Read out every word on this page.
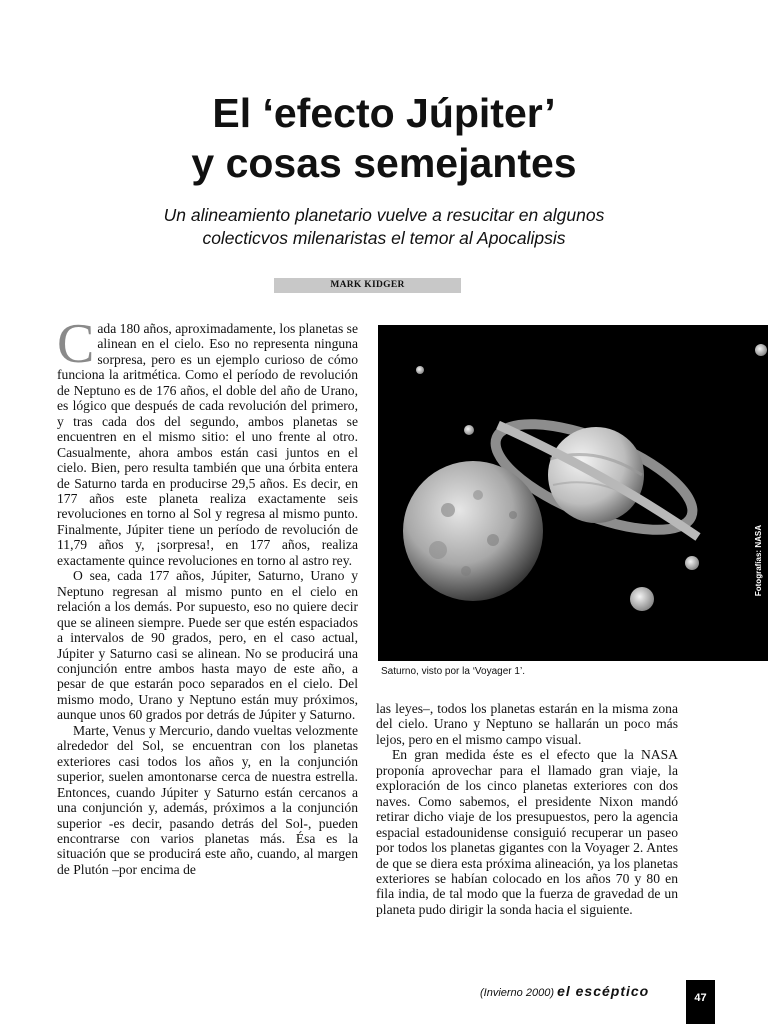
El ‘efecto Júpiter’
y cosas semejantes
Un alineamiento planetario vuelve a resucitar en algunos
colecticvos milenaristas el temor al Apocalipsis
MARK KIDGER

Cada 180 años, aproximadamente, los planetas se alinean en el cielo. Eso no representa ninguna sorpresa, pero es un ejemplo curioso de cómo funciona la aritmética. Como el período de revolución de Neptuno es de 176 años, el doble del año de Urano, es lógico que después de cada revolución del primero, y tras cada dos del segundo, ambos planetas se encuentren en el mismo sitio: el uno frente al otro. Casualmente, ahora ambos están casi juntos en el cielo. Bien, pero resulta también que una órbita entera de Saturno tarda en producirse 29,5 años. Es decir, en 177 años este planeta realiza exactamente seis revoluciones en torno al Sol y regresa al mismo punto. Finalmente, Júpiter tiene un período de revolución de 11,79 años y, ¡sorpresa!, en 177 años, realiza exactamente quince revoluciones en torno al astro rey.

O sea, cada 177 años, Júpiter, Saturno, Urano y Neptuno regresan al mismo punto en el cielo en relación a los demás. Por supuesto, eso no quiere decir que se alineen siempre. Puede ser que estén espaciados a intervalos de 90 grados, pero, en el caso actual, Júpiter y Saturno casi se alinean. No se producirá una conjunción entre ambos hasta mayo de este año, a pesar de que estarán poco separados en el cielo. Del mismo modo, Urano y Neptuno están muy próximos, aunque unos 60 grados por detrás de Júpiter y Saturno.

Marte, Venus y Mercurio, dando vueltas velozmente alrededor del Sol, se encuentran con los planetas exteriores casi todos los años y, en la conjunción superior, suelen amontonarse cerca de nuestra estrella. Entonces, cuando Júpiter y Saturno están cercanos a una conjunción y, además, próximos a la conjunción superior -es decir, pasando detrás del Sol-, pueden encontrarse con varios planetas más. Ésa es la situación que se producirá este año, cuando, al margen de Plutón –por encima de

Fotografías: NASA
Saturno, visto por la ‘Voyager 1’.

las leyes–, todos los planetas estarán en la misma zona del cielo. Urano y Neptuno se hallarán un poco más lejos, pero en el mismo campo visual.

En gran medida éste es el efecto que la NASA proponía aprovechar para el llamado gran viaje, la exploración de los cinco planetas exteriores con dos naves. Como sabemos, el presidente Nixon mandó retirar dicho viaje de los presupuestos, pero la agencia espacial estadounidense consiguió recuperar un paseo por todos los planetas gigantes con la Voyager 2. Antes de que se diera esta próxima alineación, ya los planetas exteriores se habían colocado en los años 70 y 80 en fila india, de tal modo que la fuerza de gravedad de un planeta pudo dirigir la sonda hacia el siguiente.

(Invierno 2000) el escéptico	47
